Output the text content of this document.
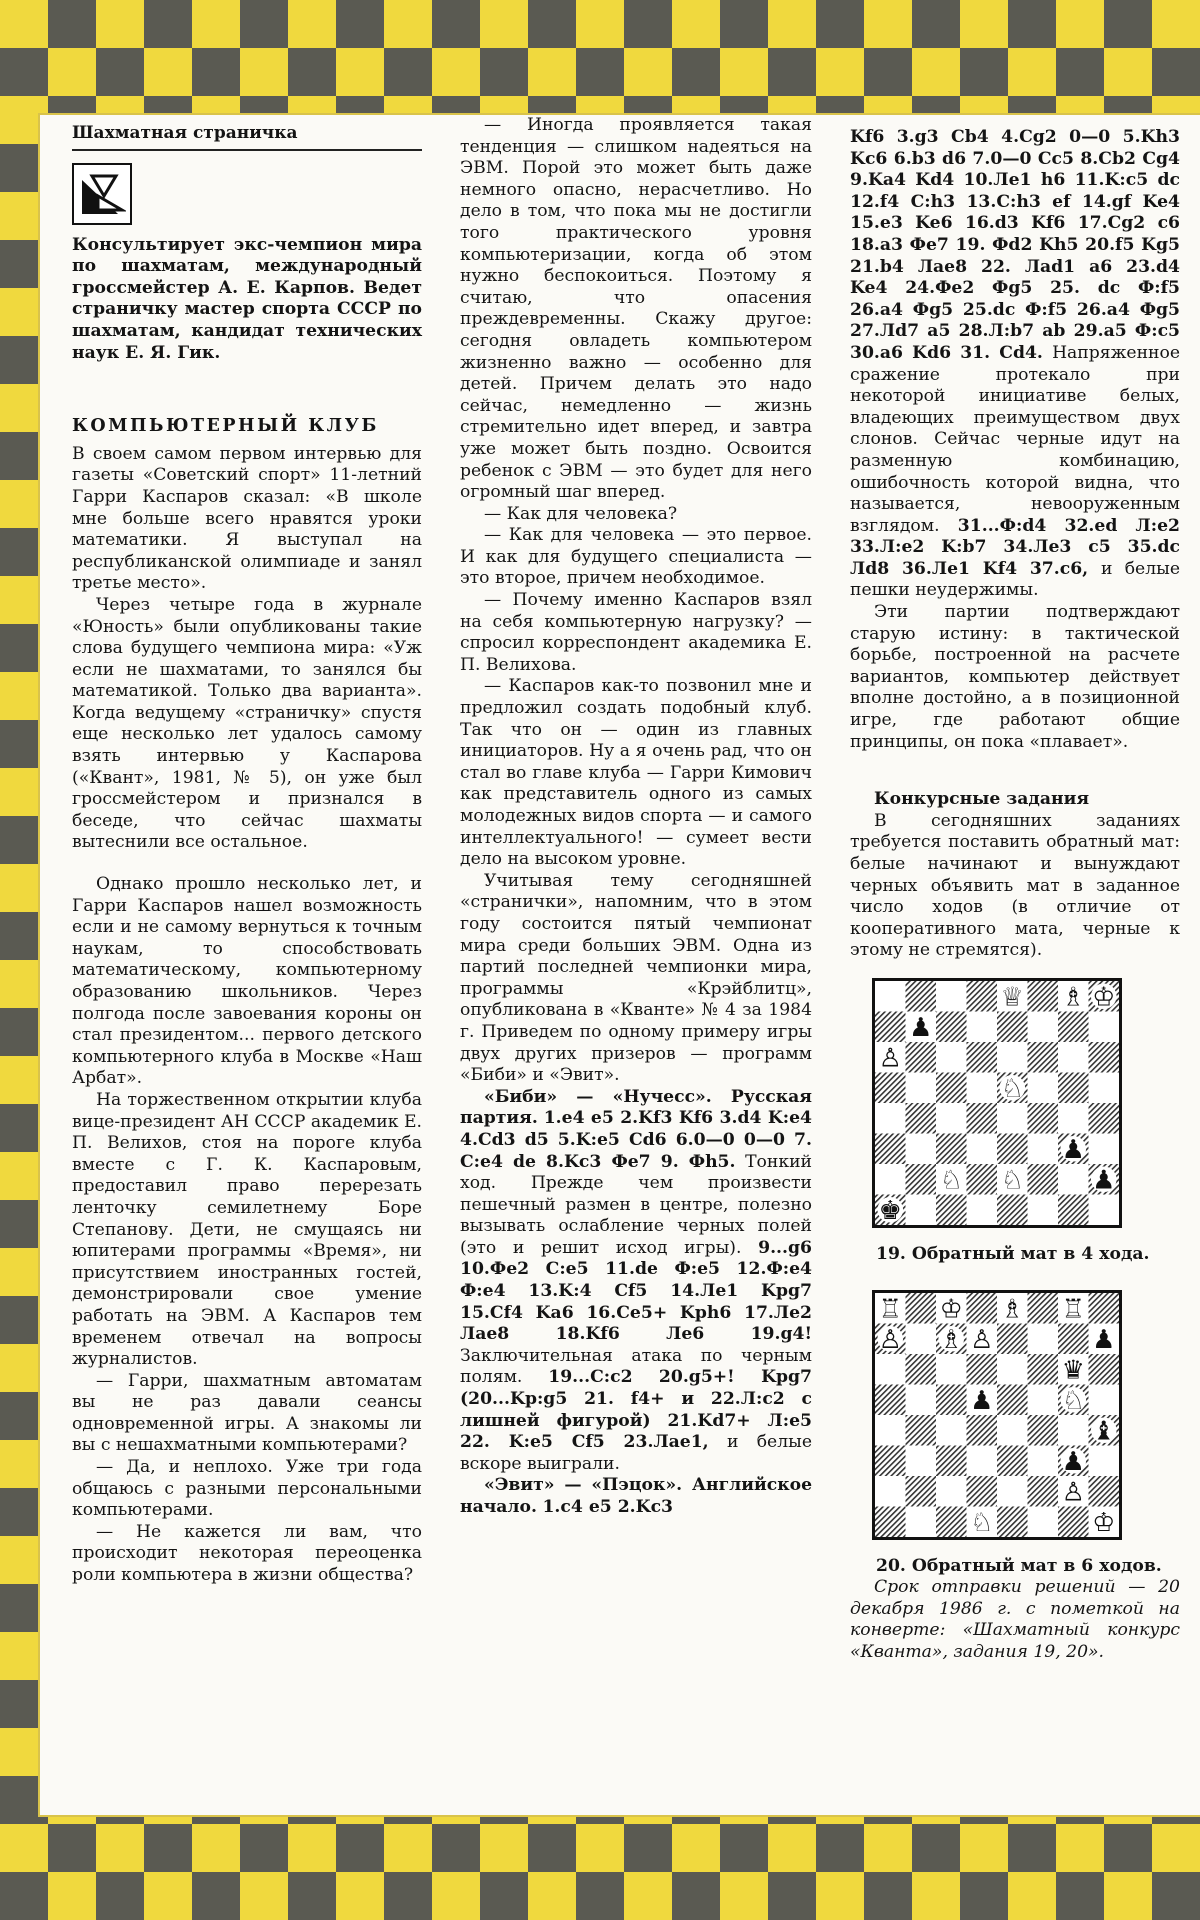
Шахматная страничка

Консультирует экс-чемпион мира по шахматам, международный гроссмейстер А. Е. Карпов. Ведет страничку мастер спорта СССР по шахматам, кандидат технических наук Е. Я. Гик.

КОМПЬЮТЕРНЫЙ КЛУБ

В своем самом первом интервью для газеты «Советский спорт» 11-летний Гарри Каспаров сказал: «В школе мне больше всего нравятся уроки математики. Я выступал на республиканской олимпиаде и занял третье место».

Через четыре года в журнале «Юность» были опубликованы такие слова будущего чемпиона мира: «Уж если не шахматами, то занялся бы математикой. Только два варианта». Когда ведущему «страничку» спустя еще несколько лет удалось самому взять интервью у Каспарова («Квант», 1981, № 5), он уже был гроссмейстером и признался в беседе, что сейчас шахматы вытеснили все остальное.

Однако прошло несколько лет, и Гарри Каспаров нашел возможность если и не самому вернуться к точным наукам, то способствовать математическому, компьютерному образованию школьников. Через полгода после завоевания короны он стал президентом... первого детского компьютерного клуба в Москве «Наш Арбат».

На торжественном открытии клуба вице-президент АН СССР академик Е. П. Велихов, стоя на пороге клуба вместе с Г. К. Каспаровым, предоставил право перерезать ленточку семилетнему Боре Степанову. Дети, не смущаясь ни юпитерами программы «Время», ни присутствием иностранных гостей, демонстрировали свое умение работать на ЭВМ. А Каспаров тем временем отвечал на вопросы журналистов.

— Гарри, шахматным автоматам вы не раз давали сеансы одновременной игры. А знакомы ли вы с нешахматными компьютерами?

— Да, и неплохо. Уже три года общаюсь с разными персональными компьютерами.

— Не кажется ли вам, что происходит некоторая переоценка роли компьютера в жизни общества?

— Иногда проявляется такая тенденция — слишком надеяться на ЭВМ. Порой это может быть даже немного опасно, нерасчетливо. Но дело в том, что пока мы не достигли того практического уровня компьютеризации, когда об этом нужно беспокоиться. Поэтому я считаю, что опасения преждевременны. Скажу другое: сегодня овладеть компьютером жизненно важно — особенно для детей. Причем делать это надо сейчас, немедленно — жизнь стремительно идет вперед, и завтра уже может быть поздно. Освоится ребенок с ЭВМ — это будет для него огромный шаг вперед.

— Как для человека?

— Как для человека — это первое. И как для будущего специалиста — это второе, причем необходимое.

— Почему именно Каспаров взял на себя компьютерную нагрузку? — спросил корреспондент академика Е. П. Велихова.

— Каспаров как-то позвонил мне и предложил создать подобный клуб. Так что он — один из главных инициаторов. Ну а я очень рад, что он стал во главе клуба — Гарри Кимович как представитель одного из самых молодежных видов спорта — и самого интеллектуального! — сумеет вести дело на высоком уровне.

Учитывая тему сегодняшней «странички», напомним, что в этом году состоится пятый чемпионат мира среди больших ЭВМ. Одна из партий последней чемпионки мира, программы «Крэйблитц», опубликована в «Кванте» № 4 за 1984 г. Приведем по одному примеру игры двух других призеров — программ «Биби» и «Эвит».

«Биби» — «Нучесс». Русская партия. 1.e4 e5 2.Kf3 Kf6 3.d4 K:e4 4.Cd3 d5 5.K:e5 Cd6 6.0—0 0—0 7. C:e4 de 8.Kc3 Фe7 9. Фh5. Тонкий ход. Прежде чем произвести пешечный размен в центре, полезно вызывать ослабление черных полей (это и решит исход игры). 9...g6 10.Фe2 C:e5 11.de Ф:e5 12.Ф:e4 Ф:e4 13.K:4 Cf5 14.Лe1 Kpg7 15.Cf4 Ka6 16.Ce5+ Kph6 17.Лe2 Лae8 18.Kf6 Лe6 19.g4! Заключительная атака по черным полям. 19...C:c2 20.g5+! Kpg7 (20...Kp:g5 21. f4+ и 22.Л:c2 с лишней фигурой) 21.Kd7+ Л:e5 22. K:e5 Cf5 23.Лae1, и белые вскоре выиграли.

«Эвит» — «Пэцок». Английское начало. 1.c4 e5 2.Kc3

Kf6 3.g3 Cb4 4.Cg2 0—0 5.Kh3 Kc6 6.b3 d6 7.0—0 Cc5 8.Cb2 Cg4 9.Ka4 Kd4 10.Лe1 h6 11.K:c5 dc 12.f4 C:h3 13.C:h3 ef 14.gf Ke4 15.e3 Ke6 16.d3 Kf6 17.Cg2 c6 18.a3 Фe7 19. Фd2 Kh5 20.f5 Kg5 21.b4 Лae8 22. Лad1 a6 23.d4 Ke4 24.Фe2 Фg5 25. dc Ф:f5 26.a4 Фg5 25.dc Ф:f5 26.a4 Фg5 27.Лd7 a5 28.Л:b7 ab 29.a5 Ф:c5 30.a6 Kd6 31. Cd4. Напряженное сражение протекало при некоторой инициативе белых, владеющих преимуществом двух слонов. Сейчас черные идут на разменную комбинацию, ошибочность которой видна, что называется, невооруженным взглядом. 31...Ф:d4 32.ed Л:e2 33.Л:e2 K:b7 34.Лe3 c5 35.dc Лd8 36.Лe1 Kf4 37.c6, и белые пешки неудержимы.

Эти партии подтверждают старую истину: в тактической борьбе, построенной на расчете вариантов, компьютер действует вполне достойно, а в позиционной игре, где работают общие принципы, он пока «плавает».

Конкурсные задания

В сегодняшних заданиях требуется поставить обратный мат: белые начинают и вынуждают черных объявить мат в заданное число ходов (в отличие от кооперативного мата, черные к этому не стремятся).

♕ ♗ ♔
♟
♙
♘
♟
♟
♘ ♘
♚

19. Обратный мат в 4 хода.

♖ ♔ ♗ ♖
♙ ♗ ♙	♟
♛
♟	♘
♝
♟
♙
♘	♔

20. Обратный мат в 6 ходов.

Срок отправки решений — 20 декабря 1986 г. с пометкой на конверте: «Шахматный конкурс «Кванта», задания 19, 20».
